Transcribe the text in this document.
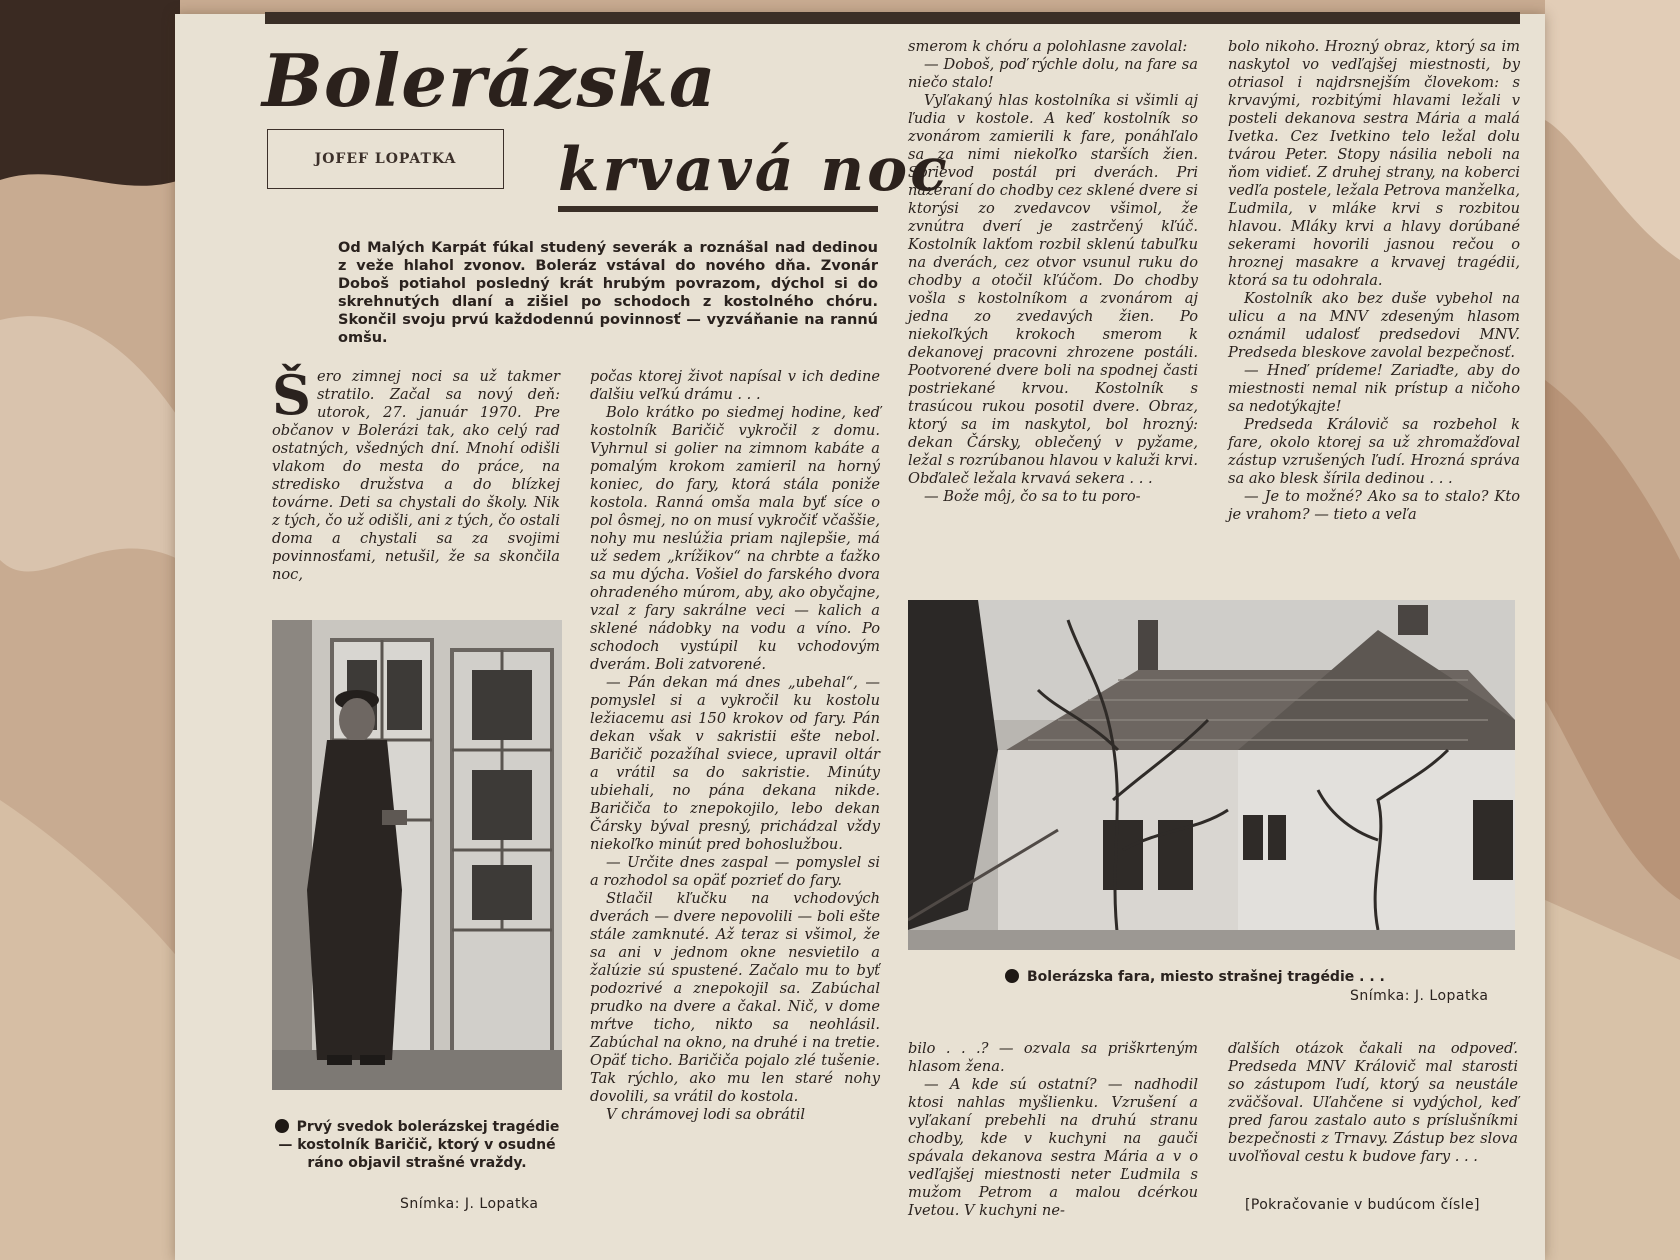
Bolerázska
JOFEF LOPATKA krvavá noc
Od Malých Karpát fúkal studený severák a roznášal nad dedinou z veže hlahol zvonov. Boleráz vstával do nového dňa. Zvonár Doboš potiahol posledný krát hrubým povrazom, dýchol si do skrehnutých dlaní a zišiel po schodoch z kostolného chóru. Skončil svoju prvú každodennú povinnosť — vyzváňanie na rannú omšu.

Šero zimnej noci sa už takmer stratilo. Začal sa nový deň: utorok, 27. január 1970. Pre občanov v Bolerázi tak, ako celý rad ostatných, všedných dní. Mnohí odišli vlakom do mesta do práce, na stredisko družstva a do blízkej továrne. Deti sa chystali do školy. Nik z tých, čo už odišli, ani z tých, čo ostali doma a chystali sa za svojimi povinnosťami, netušil, že sa skončila noc,

Prvý svedok bolerázskej tragédie — kostolník Baričič, ktorý v osudné ráno objavil strašné vraždy.
Snímka: J. Lopatka

počas ktorej život napísal v ich dedine ďalšiu veľkú drámu . . .

Bolo krátko po siedmej hodine, keď kostolník Baričič vykročil z domu. Vyhrnul si golier na zimnom kabáte a pomalým krokom zamieril na horný koniec, do fary, ktorá stála poniže kostola. Ranná omša mala byť síce o pol ôsmej, no on musí vykročiť včaššie, nohy mu neslúžia priam najlepšie, má už sedem „krížikov“ na chrbte a ťažko sa mu dýcha. Vošiel do farského dvora ohradeného múrom, aby, ako obyčajne, vzal z fary sakrálne veci — kalich a sklené nádobky na vodu a víno. Po schodoch vystúpil ku vchodovým dverám. Boli zatvorené.

— Pán dekan má dnes „ubehal“, — pomyslel si a vykročil ku kostolu ležiacemu asi 150 krokov od fary. Pán dekan však v sakristii ešte nebol. Baričič pozažíhal sviece, upravil oltár a vrátil sa do sakristie. Minúty ubiehali, no pána dekana nikde. Baričiča to znepokojilo, lebo dekan Čársky býval presný, prichádzal vždy niekoľko minút pred bohoslužbou.

— Určite dnes zaspal — pomyslel si a rozhodol sa opäť pozrieť do fary.

Stlačil kľučku na vchodových dverách — dvere nepovolili — boli ešte stále zamknuté. Až teraz si všimol, že sa ani v jednom okne nesvietilo a žalúzie sú spustené. Začalo mu to byť podozrivé a znepokojil sa. Zabúchal prudko na dvere a čakal. Nič, v dome mŕtve ticho, nikto sa neohlásil. Zabúchal na okno, na druhé i na tretie. Opäť ticho. Baričiča pojalo zlé tušenie. Tak rýchlo, ako mu len staré nohy dovolili, sa vrátil do kostola.

V chrámovej lodi sa obrátil

smerom k chóru a polohlasne zavolal:

— Doboš, poď rýchle dolu, na fare sa niečo stalo!

Vyľakaný hlas kostolníka si všimli aj ľudia v kostole. A keď kostolník so zvonárom zamierili k fare, ponáhľalo sa za nimi niekoľko starších žien. Sprievod postál pri dverách. Pri nazeraní do chodby cez sklené dvere si ktorýsi zo zvedavcov všimol, že zvnútra dverí je zastrčený kľúč. Kostolník lakťom rozbil sklenú tabuľku na dverách, cez otvor vsunul ruku do chodby a otočil kľúčom. Do chodby vošla s kostolníkom a zvonárom aj jedna zo zvedavých žien. Po niekoľkých krokoch smerom k dekanovej pracovni zhrozene postáli. Pootvorené dvere boli na spodnej časti postriekané krvou. Kostolník s trasúcou rukou posotil dvere. Obraz, ktorý sa im naskytol, bol hrozný: dekan Čársky, oblečený v pyžame, ležal s rozrúbanou hlavou v kaluži krvi. Obďaleč ležala krvavá sekera . . .

— Bože môj, čo sa to tu poro-

bolo nikoho. Hrozný obraz, ktorý sa im naskytol vo vedľajšej miestnosti, by otriasol i najdrsnejším človekom: s krvavými, rozbitými hlavami ležali v posteli dekanova sestra Mária a malá Ivetka. Cez Ivetkino telo ležal dolu tvárou Peter. Stopy násilia neboli na ňom vidieť. Z druhej strany, na koberci vedľa postele, ležala Petrova manželka, Ľudmila, v mláke krvi s rozbitou hlavou. Mláky krvi a hlavy dorúbané sekerami hovorili jasnou rečou o hroznej masakre a krvavej tragédii, ktorá sa tu odohrala.

Kostolník ako bez duše vybehol na ulicu a na MNV zdeseným hlasom oznámil udalosť predsedovi MNV. Predseda bleskove zavolal bezpečnosť.

— Hneď prídeme! Zariaďte, aby do miestnosti nemal nik prístup a ničoho sa nedotýkajte!

Predseda Královič sa rozbehol k fare, okolo ktorej sa už zhromažďoval zástup vzrušených ľudí. Hrozná správa sa ako blesk šírila dedinou . . .

— Je to možné? Ako sa to stalo? Kto je vrahom? — tieto a veľa

Bolerázska fara, miesto strašnej tragédie . . .
Snímka: J. Lopatka

bilo . . .? — ozvala sa priškrteným hlasom žena.

— A kde sú ostatní? — nadhodil ktosi nahlas myšlienku. Vzrušení a vyľakaní prebehli na druhú stranu chodby, kde v kuchyni na gauči spávala dekanova sestra Mária a v o vedľajšej miestnosti neter Ľudmila s mužom Petrom a malou dcérkou Ivetou. V kuchyni ne-

ďalších otázok čakali na odpoveď. Predseda MNV Královič mal starosti so zástupom ľudí, ktorý sa neustále zväčšoval. Uľahčene si vydýchol, keď pred farou zastalo auto s príslušníkmi bezpečnosti z Trnavy. Zástup bez slova uvoľňoval cestu k budove fary . . .

[Pokračovanie v budúcom čísle]
